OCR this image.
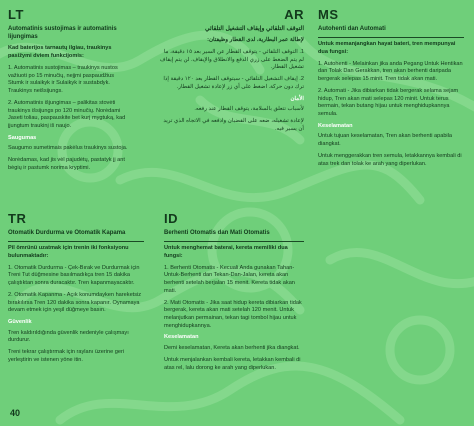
LT
Automatinis sustojimas ir automatinis lijungimas
Kad baterijos tarnautų ilgiau, traukinys pasižymi dviem funkcijomis:
1. Automatinis sustojimas – traukinys nustos važiuoti po 15 minučių, neįjmi paspaudžius Stumk ir sulaikyk ir Sulaikyk ir sustabdyk. Traukinys neišsijungs.
2. Automatinis išjungimas – palikitas stovėti traukinys išsijungs po 120 minučių. Norėdami Jaseti toliau, paspauskite bet kurį mygtuką, kad įjungtum traukinį iš naujo.
Saugumas
Saugumo sumetimais pakėlus traukinys sustoja.
Norėdamas, kad jis vėl pajudėtų, pastatyk jį ant bėgių ir pastumk norima kryptimi.
AR
التوقف التلقائي وإيقاف التشغيل التلقائي
لإطالة عمر البطارية، لدى القطار وظيفتان:
1. التوقف التلقائي - يتوقف القطار عن السير بعد ١٥ دقيقة، ما لم يتم الضغط على زري الدفع والانطلاق والإيقاف. لن يتم إيقاف تشغيل القطار.
2. إيقاف التشغيل التلقائي - سيتوقف القطار بعد ١٢٠ دقيقة إذا ترك دون حركة. اضغط على أي زر لإعادة تشغيل القطار.
الأمان
لأسباب تتعلق بالسلامة، يتوقف القطار عند رفعه.
لإعادة تشغيله، ضعه على القضبان وادفعه في الاتجاه الذي تريد أن يسير فيه.
MS
Autohenti dan Automati
Untuk memanjangkan hayat bateri, tren mempunyai dua fungsi:
1. Autohenti - Melainkan jika anda Pegang Untuk Hentikan dan Tolak Dan Gerakkan, tren akan berhenti daripada bergerak selepas 15 minit. Tren tidak akan mati.
2. Automati - Jika dibiarkan tidak bergerak selama sejam hidup, Tren akan mati selepas 120 minit. Untuk terus bermain, tekan butang hijau untuk menghidupkannya semula.
Keselamatan
Untuk tujuan keselamatan, Tren akan berhenti apabila diangkat.
Untuk menggerakkan tren semula, letakkannya kembali di atas trek dan tolak ke arah yang diperlukan.
TR
Otomatik Durdurma ve Otomatik Kapama
Pil ömrünü uzatmak için trenin iki fonksiyonu bulunmaktadır:
1. Otomatik Durdurma - Çek-Bırak ve Durdurmak için Treni Tut düğmesine basılmadıkça tren 15 dakika çalıştıktan sonra duracaktır. Tren kapanmayacaktır.
2. Otomatik Kapanma - Açık konumdayken hareketsiz bırakılırsa Tren 120 dakika sonra kapanır. Oynamaya devam etmek için yeşil düğmeye basın.
Güvenlik
Tren kaldırıldığında güvenlik nedeniyle çalışmayı durdurur.
Treni tekrar çalıştırmak için raylanı üzerine geri yerleştirin ve istenen yöne itin.
ID
Berhenti Otomatis dan Mati Otomatis
Untuk menghemat baterai, kereta memiliki dua fungsi:
1. Berhenti Otomatis - Kecuali Anda gunakan Tahan-Untuk-Berhenti dan Tekan-Dan-Jalan, kereta akan berhenti setelah berjalan 15 menit. Kereta tidak akan mati.
2. Mati Otomatis - Jika saat hidup kereta dibiarkan tidak bergerak, kereta akan mati setelah 120 menit. Untuk melanjutkan permainan, tekan tagi tombol hijau untuk menghidupkannya.
Keselamatan
Demi keselamatan, Kereta akan berhenti jika diangkat.
Untuk menjalankan kembali kereta, letakkan kembali di atas rel, lalu dorong ke arah yang diperlukan.
40
